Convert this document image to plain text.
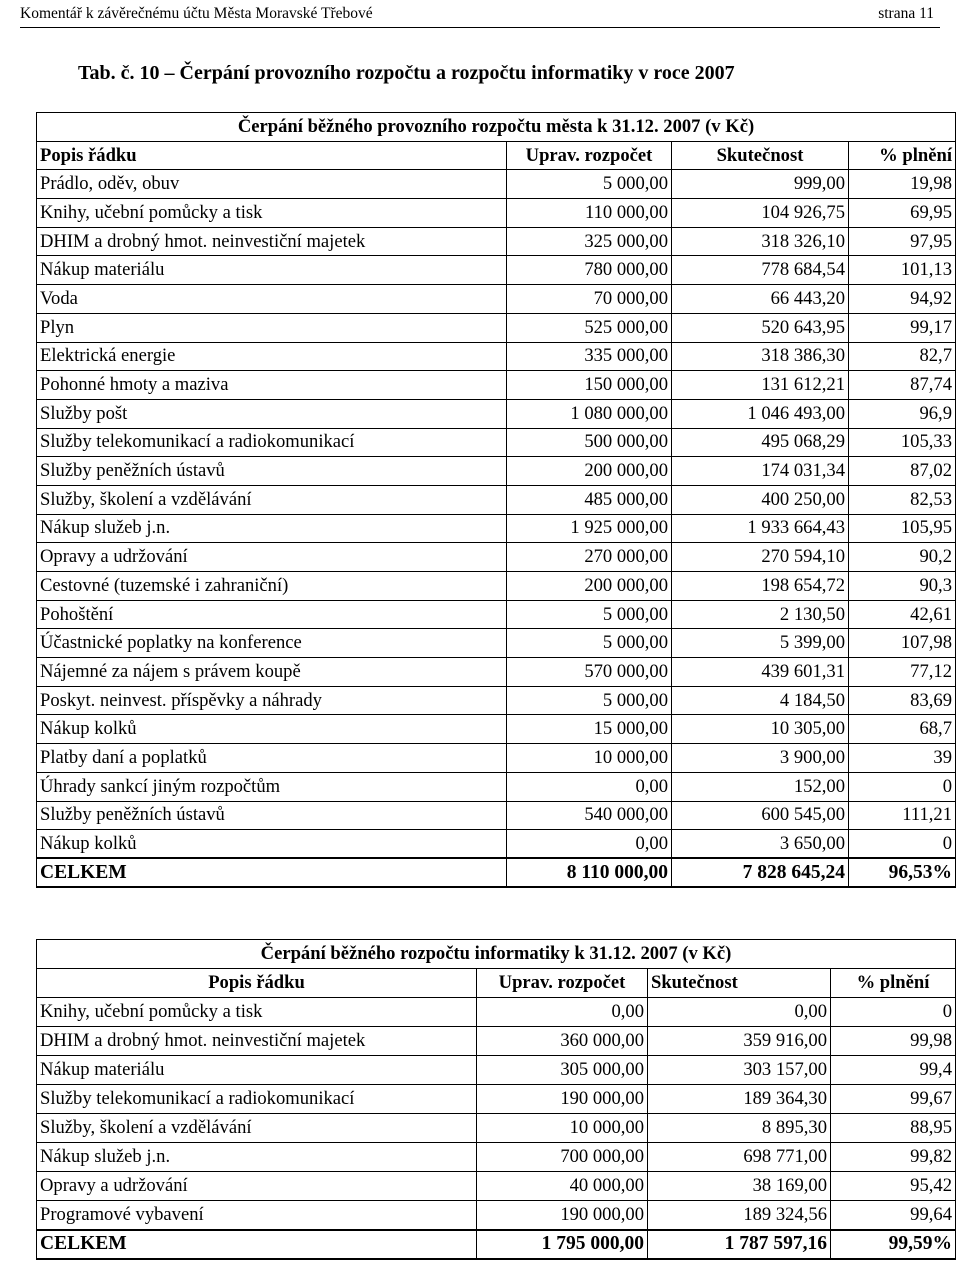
Komentář k závěrečnému účtu Města Moravské Třebové	strana 11
Tab. č. 10 – Čerpání provozního rozpočtu a rozpočtu informatiky v roce 2007
Čerpání běžného provozního rozpočtu města k 31.12. 2007 (v Kč)			
Popis řádku	Uprav. rozpočet	Skutečnost	% plnění
Prádlo, oděv, obuv	5 000,00	999,00	19,98
Knihy, učební pomůcky a tisk	110 000,00	104 926,75	69,95
DHIM a drobný hmot. neinvestiční majetek	325 000,00	318 326,10	97,95
Nákup materiálu	780 000,00	778 684,54	101,13
Voda	70 000,00	66 443,20	94,92
Plyn	525 000,00	520 643,95	99,17
Elektrická energie	335 000,00	318 386,30	82,7
Pohonné hmoty a maziva	150 000,00	131 612,21	87,74
Služby pošt	1 080 000,00	1 046 493,00	96,9
Služby telekomunikací a radiokomunikací	500 000,00	495 068,29	105,33
Služby peněžních ústavů	200 000,00	174 031,34	87,02
Služby, školení a vzdělávání	485 000,00	400 250,00	82,53
Nákup služeb j.n.	1 925 000,00	1 933 664,43	105,95
Opravy a udržování	270 000,00	270 594,10	90,2
Cestovné (tuzemské i zahraniční)	200 000,00	198 654,72	90,3
Pohoštění	5 000,00	2 130,50	42,61
Účastnické poplatky na konference	5 000,00	5 399,00	107,98
Nájemné za nájem s právem koupě	570 000,00	439 601,31	77,12
Poskyt. neinvest. příspěvky a náhrady	5 000,00	4 184,50	83,69
Nákup kolků	15 000,00	10 305,00	68,7
Platby daní a poplatků	10 000,00	3 900,00	39
Úhrady sankcí jiným rozpočtům	0,00	152,00	0
Služby peněžních ústavů	540 000,00	600 545,00	111,21
Nákup kolků	0,00	3 650,00	0
CELKEM	8 110 000,00	7 828 645,24	96,53%
Čerpání běžného rozpočtu informatiky k 31.12. 2007 (v Kč)			
Popis řádku	Uprav. rozpočet	Skutečnost	% plnění
Knihy, učební pomůcky a tisk	0,00	0,00	0
DHIM a drobný hmot. neinvestiční majetek	360 000,00	359 916,00	99,98
Nákup materiálu	305 000,00	303 157,00	99,4
Služby telekomunikací a radiokomunikací	190 000,00	189 364,30	99,67
Služby, školení a vzdělávání	10 000,00	8 895,30	88,95
Nákup služeb j.n.	700 000,00	698 771,00	99,82
Opravy a udržování	40 000,00	38 169,00	95,42
Programové vybavení	190 000,00	189 324,56	99,64
CELKEM	1 795 000,00	1 787 597,16	99,59%
